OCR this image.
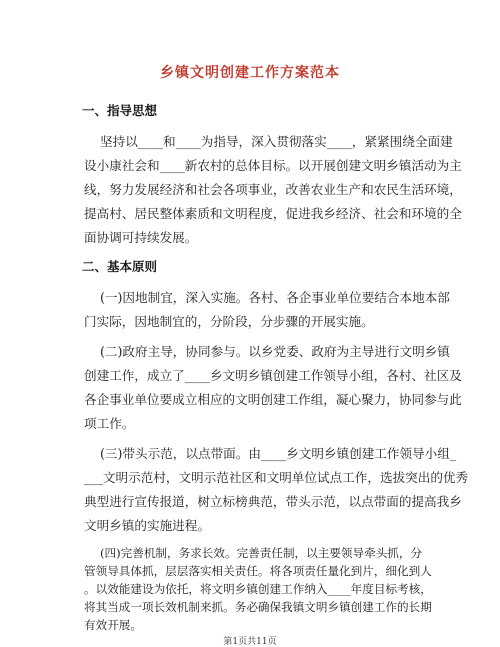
乡镇文明创建工作方案范本
一、指导思想
坚持以____和____为指导，深入贯彻落实____，紧紧围绕全面建
设小康社会和____新农村的总体目标。以开展创建文明乡镇活动为主
线，努力发展经济和社会各项事业，改善农业生产和农民生活环境，
提高村、居民整体素质和文明程度，促进我乡经济、社会和环境的全
面协调可持续发展。
二、基本原则
(一)因地制宜，深入实施。各村、各企事业单位要结合本地本部
门实际，因地制宜的，分阶段，分步骤的开展实施。
(二)政府主导，协同参与。以乡党委、政府为主导进行文明乡镇
创建工作，成立了____乡文明乡镇创建工作领导小组，各村、社区及
各企事业单位要成立相应的文明创建工作组，凝心聚力，协同参与此
项工作。
(三)带头示范，以点带面。由____乡文明乡镇创建工作领导小组_
___文明示范村，文明示范社区和文明单位试点工作，选拔突出的优秀
典型进行宣传报道，树立标榜典范，带头示范，以点带面的提高我乡
文明乡镇的实施进程。
(四)完善机制，务求长效。完善责任制，以主要领导牵头抓，分
管领导具体抓，层层落实相关责任。将各项责任量化到片，细化到人
。以效能建设为依托，将文明乡镇创建工作纳入____年度目标考核，
将其当成一项长效机制来抓。务必确保我镇文明乡镇创建工作的长期
有效开展。
第1页共11页
